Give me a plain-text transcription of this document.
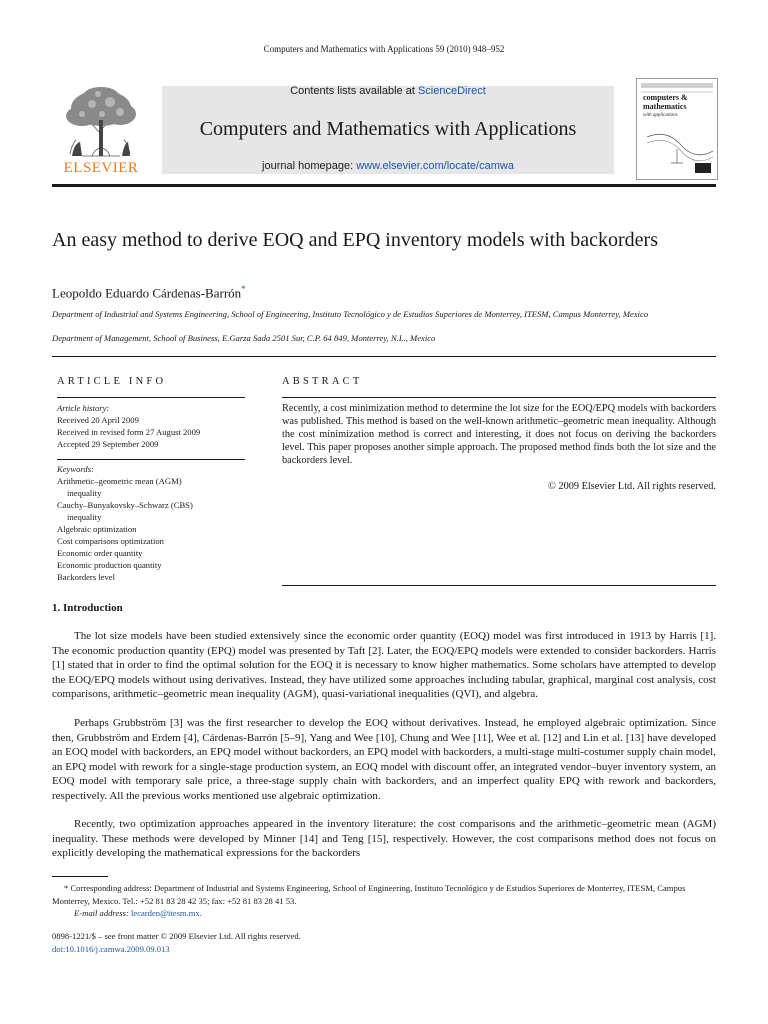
Computers and Mathematics with Applications 59 (2010) 948–952
ELSEVIER
Contents lists available at ScienceDirect
Computers and Mathematics with Applications
journal homepage: www.elsevier.com/locate/camwa
computers &
mathematics
with applications
An easy method to derive EOQ and EPQ inventory models with backorders
Leopoldo Eduardo Cárdenas-Barrón*
Department of Industrial and Systems Engineering, School of Engineering, Instituto Tecnológico y de Estudios Superiores de Monterrey, ITESM, Campus Monterrey, Mexico
Department of Management, School of Business, E.Garza Sada 2501 Sur, C.P. 64 849, Monterrey, N.L., Mexico
ARTICLE INFO
Article history:
Received 20 April 2009
Received in revised form 27 August 2009
Accepted 29 September 2009
Keywords:
Arithmetic–geometric mean (AGM)
inequality
Cauchy–Bunyakovsky–Schwarz (CBS)
inequality
Algebraic optimization
Cost comparisons optimization
Economic order quantity
Economic production quantity
Backorders level
ABSTRACT
Recently, a cost minimization method to determine the lot size for the EOQ/EPQ models with backorders was published. This method is based on the well-known arithmetic–geometric mean inequality. Although the cost minimization method is correct and interesting, it does not focus on deriving the backorders level. This paper proposes another simple approach. The proposed method finds both the lot size and the backorders level.
© 2009 Elsevier Ltd. All rights reserved.
1. Introduction

The lot size models have been studied extensively since the economic order quantity (EOQ) model was first introduced in 1913 by Harris [1]. The economic production quantity (EPQ) model was presented by Taft [2]. Later, the EOQ/EPQ models were extended to consider backorders. Harris [1] stated that in order to find the optimal solution for the EOQ it is necessary to know higher mathematics. Some scholars have attempted to develop the EOQ/EPQ models without using derivatives. Instead, they have utilized some approaches including tabular, graphical, marginal cost analysis, cost comparisons, arithmetic–geometric mean inequality (AGM), quasi-variational inequalities (QVI), and algebra.

Perhaps Grubbström [3] was the first researcher to develop the EOQ without derivatives. Instead, he employed algebraic optimization. Since then, Grubbström and Erdem [4], Cárdenas-Barrón [5–9], Yang and Wee [10], Chung and Wee [11], Wee et al. [12] and Lin et al. [13] have developed an EOQ model with backorders, an EPQ model without backorders, an EPQ model with backorders, a multi-stage multi-costumer supply chain model, an EPQ model with rework for a single-stage production system, an EOQ model with discount offer, an integrated vendor–buyer inventory system, an EOQ model with temporary sale price, a three-stage supply chain with backorders, and an imperfect quality EPQ with rework and backorders, respectively. All the previous works mentioned use algebraic optimization.

Recently, two optimization approaches appeared in the inventory literature: the cost comparisons and the arithmetic–geometric mean (AGM) inequality. These methods were developed by Minner [14] and Teng [15], respectively. However, the cost comparisons method does not focus on explicitly developing the mathematical expressions for the backorders

* Corresponding address: Department of Industrial and Systems Engineering, School of Engineering, Instituto Tecnológico y de Estudios Superiores de Monterrey, ITESM, Campus Monterrey, Mexico. Tel.: +52 81 83 28 42 35; fax: +52 81 83 28 41 53.
E-mail address: lecarden@itesm.mx.
0898-1221/$ – see front matter © 2009 Elsevier Ltd. All rights reserved.
doi:10.1016/j.camwa.2009.09.013
